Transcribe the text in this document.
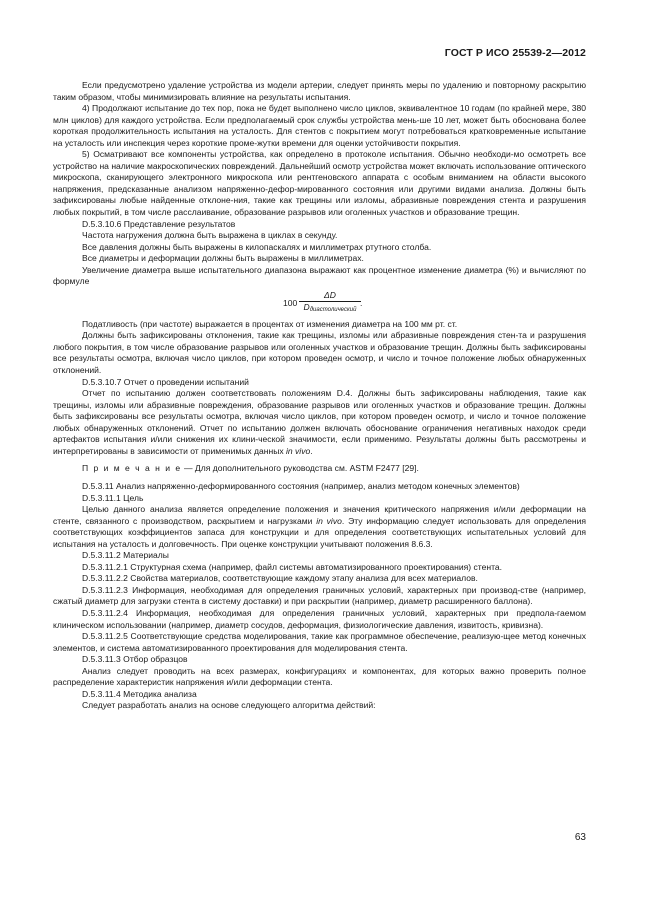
ГОСТ Р ИСО 25539-2—2012

Если предусмотрено удаление устройства из модели артерии, следует принять меры по удалению и повторному раскрытию таким образом, чтобы минимизировать влияние на результаты испытания.

4) Продолжают испытание до тех пор, пока не будет выполнено число циклов, эквивалентное 10 годам (по крайней мере, 380 млн циклов) для каждого устройства. Если предполагаемый срок службы устройства мень-ше 10 лет, может быть обоснована более короткая продолжительность испытания на усталость. Для стентов с покрытием могут потребоваться кратковременные испытание на усталость или инспекция через короткие проме-жутки времени для оценки устойчивости покрытия.

5) Осматривают все компоненты устройства, как определено в протоколе испытания. Обычно необходи-мо осмотреть все устройство на наличие макроскопических повреждений. Дальнейший осмотр устройства может включать использование оптического микроскопа, сканирующего электронного микроскопа или рентгеновского аппарата с особым вниманием на области высокого напряжения, предсказанные анализом напряженно-дефор-мированного состояния или другими видами анализа. Должны быть зафиксированы любые найденные отклоне-ния, такие как трещины или изломы, абразивные повреждения стента и разрушения любых покрытий, в том числе расслаивание, образование разрывов или оголенных участков и образование трещин.

D.5.3.10.6 Представление результатов

Частота нагружения должна быть выражена в циклах в секунду.

Все давления должны быть выражены в килопаскалях и миллиметрах ртутного столба.

Все диаметры и деформации должны быть выражены в миллиметрах.

Увеличение диаметра выше испытательного диапазона выражают как процентное изменение диаметра (%) и вычисляют по формуле

100
ΔD
$D_{диастолический}$
.

Податливость (при частоте) выражается в процентах от изменения диаметра на 100 мм рт. ст.

Должны быть зафиксированы отклонения, такие как трещины, изломы или абразивные повреждения стен-та и разрушения любого покрытия, в том числе образование разрывов или оголенных участков и образование трещин. Должны быть зафиксированы все результаты осмотра, включая число циклов, при котором проведен осмотр, и число и точное положение любых обнаруженных отклонений.

D.5.3.10.7 Отчет о проведении испытаний

Отчет по испытанию должен соответствовать положениям D.4. Должны быть зафиксированы наблюдения, такие как трещины, изломы или абразивные повреждения, образование разрывов или оголенных участков и образование трещин. Должны быть зафиксированы все результаты осмотра, включая число циклов, при котором проведен осмотр, и число и точное положение любых обнаруженных отклонений. Отчет по испытанию должен включать обоснование ограничения негативных находок среди артефактов испытания и/или снижения их клини-ческой значимости, если применимо. Результаты должны быть рассмотрены и интерпретированы в зависимости от применимых данных in vivo.

П р и м е ч а н и е — Для дополнительного руководства см. ASTM F2477 [29].

D.5.3.11 Анализ напряженно-деформированного состояния (например, анализ методом конечных элементов)

D.5.3.11.1 Цель

Целью данного анализа является определение положения и значения критического напряжения и/или деформации на стенте, связанного с производством, раскрытием и нагрузками in vivo. Эту информацию следует использовать для определения соответствующих коэффициентов запаса для конструкции и для определения соответствующих испытательных условий для испытания на усталость и долговечность. При оценке конструкции учитывают положения 8.6.3.

D.5.3.11.2 Материалы

D.5.3.11.2.1 Структурная схема (например, файл системы автоматизированного проектирования) стента.

D.5.3.11.2.2 Свойства материалов, соответствующие каждому этапу анализа для всех материалов.

D.5.3.11.2.3 Информация, необходимая для определения граничных условий, характерных при производ-стве (например, сжатый диаметр для загрузки стента в систему доставки) и при раскрытии (например, диаметр расширенного баллона).

D.5.3.11.2.4 Информация, необходимая для определения граничных условий, характерных при предпола-гаемом клиническом использовании (например, диаметр сосудов, деформация, физиологические давления, извитость, кривизна).

D.5.3.11.2.5 Соответствующие средства моделирования, такие как программное обеспечение, реализую-щее метод конечных элементов, и система автоматизированного проектирования для моделирования стента.

D.5.3.11.3 Отбор образцов

Анализ следует проводить на всех размерах, конфигурациях и компонентах, для которых важно проверить полное распределение характеристик напряжения и/или деформации стента.

D.5.3.11.4 Методика анализа

Следует разработать анализ на основе следующего алгоритма действий:

63
